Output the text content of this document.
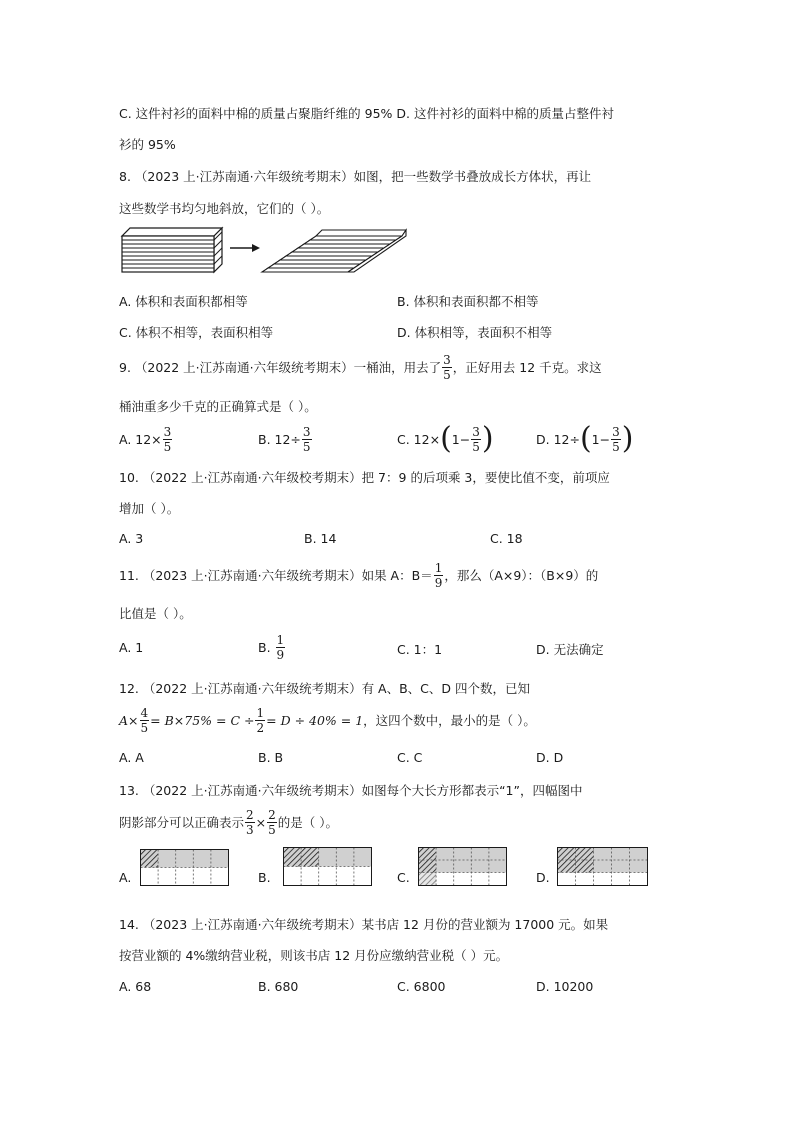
C. 这件衬衫的面料中棉的质量占聚脂纤维的 95% D. 这件衬衫的面料中棉的质量占整件衬
衫的 95%
8. （2023 上·江苏南通·六年级统考期末）如图，把一些数学书叠放成长方体状，再让
这些数学书均匀地斜放，它们的（ ）。
A. 体积和表面积都相等	B. 体积和表面积都不相等
C. 体积不相等，表面积相等	D. 体积相等，表面积不相等
9. （2022 上·江苏南通·六年级统考期末）一桶油，用去了 $\frac{3}{5}$ ，正好用去 12 千克。求这
桶油重多少千克的正确算式是（ ）。
A. $12\times \frac{3}{5}$	B. $12\div \frac{3}{5}$	C. 12× ( $1- \frac{3}{5}$ )	D. 12÷ ( $1- \frac{3}{5}$ )
10. （2022 上·江苏南通·六年级校考期末）把 7：9 的后项乘 3，要使比值不变，前项应
增加（ ）。
A. 3	B. 14	C. 18
11. （2023 上·江苏南通·六年级统考期末）如果 A：$B= \frac{1}{9}$ ，那么（A×9）：（B×9）的
比值是（ ）。
A. 1	B.
$\frac{1}{9}$	C. 1：1	D. 无法确定
12. （2022 上·江苏南通·六年级统考期末）有 A、B、C、D 四个数，已知
$A\times \frac{4}{5} = B\times 75\% = C \div \frac{1}{2} = D \div 40\% = 1$ ，这四个数中，最小的是（ ）。
A. A	B. B	C. C	D. D
13. （2022 上·江苏南通·六年级统考期末）如图每个大长方形都表示“1”，四幅图中
阴影部分可以正确表示 $\frac{2}{3} \times \frac{2}{5}$ 的是（ ）。
A.	B.	C.	D.
14. （2023 上·江苏南通·六年级统考期末）某书店 12 月份的营业额为 17000 元。如果
按营业额的 4%缴纳营业税，则该书店 12 月份应缴纳营业税（ ）元。
A. 68	B. 680	C. 6800	D. 10200
